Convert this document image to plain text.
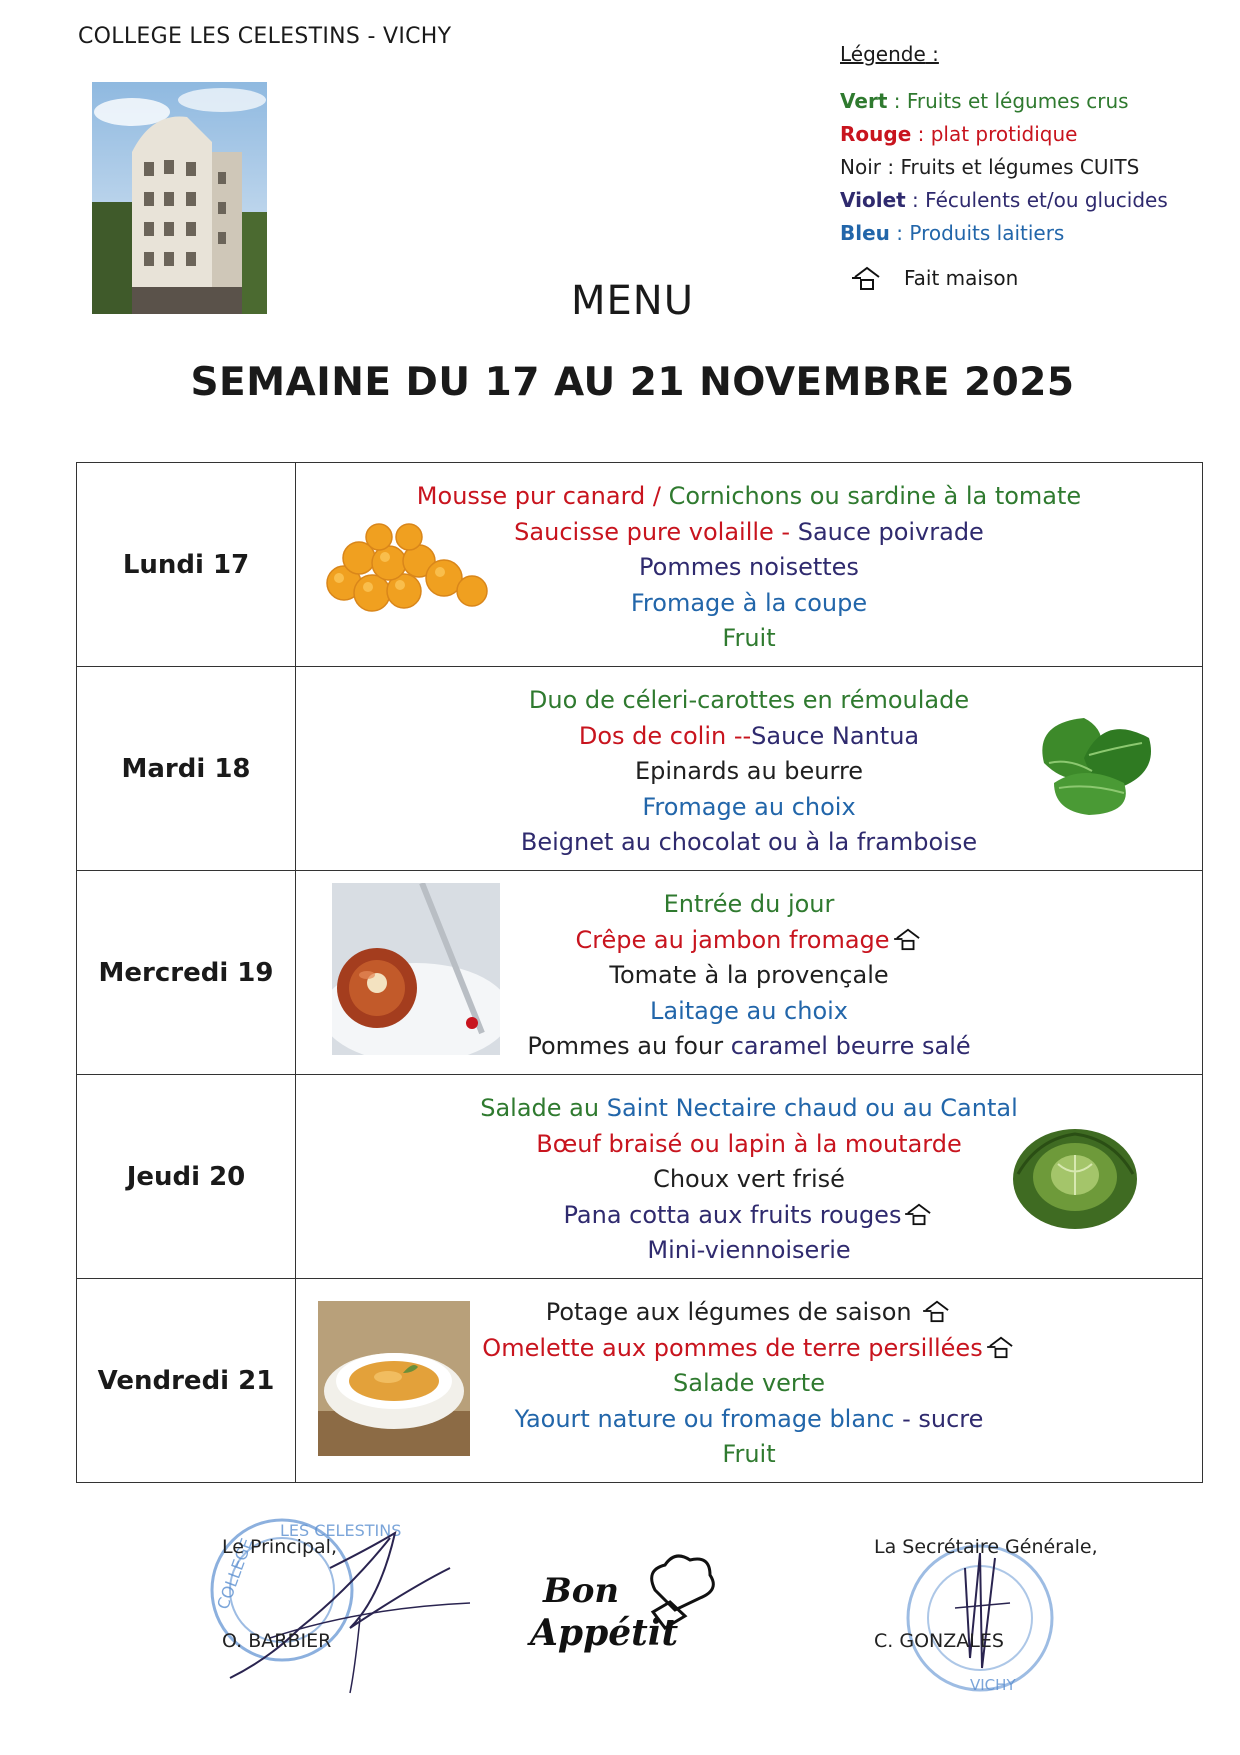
COLLEGE LES CELESTINS - VICHY
Légende :
Vert : Fruits et légumes crus
Rouge : plat protidique
Noir : Fruits et légumes CUITS
Violet : Féculents et/ou glucides
Bleu : Produits laitiers
Fait maison
MENU
SEMAINE DU 17 AU 21 NOVEMBRE 2025
Lundi 17
Mousse pur canard / Cornichons ou sardine à la tomate
Saucisse pure volaille - Sauce poivrade
Pommes noisettes
Fromage à la coupe
Fruit
Mardi 18
Duo de céleri-carottes en rémoulade
Dos de colin --Sauce Nantua
Epinards au beurre
Fromage au choix
Beignet au chocolat ou à la framboise
Mercredi 19
Entrée du jour
Crêpe au jambon fromage
Tomate à la provençale
Laitage au choix
Pommes au four caramel beurre salé
Jeudi 20
Salade au Saint Nectaire chaud ou au Cantal
Bœuf braisé ou lapin à la moutarde
Choux vert frisé
Pana cotta aux fruits rouges
Mini-viennoiserie
Vendredi 21
Potage aux légumes de saison
Omelette aux pommes de terre persillées
Salade verte
Yaourt nature ou fromage blanc - sucre
Fruit
LES CELESTINS
COLLEGE
Le Principal,
O. BARBIER
Bon
Appétit
VICHY
La Secrétaire Générale,
C. GONZALES
